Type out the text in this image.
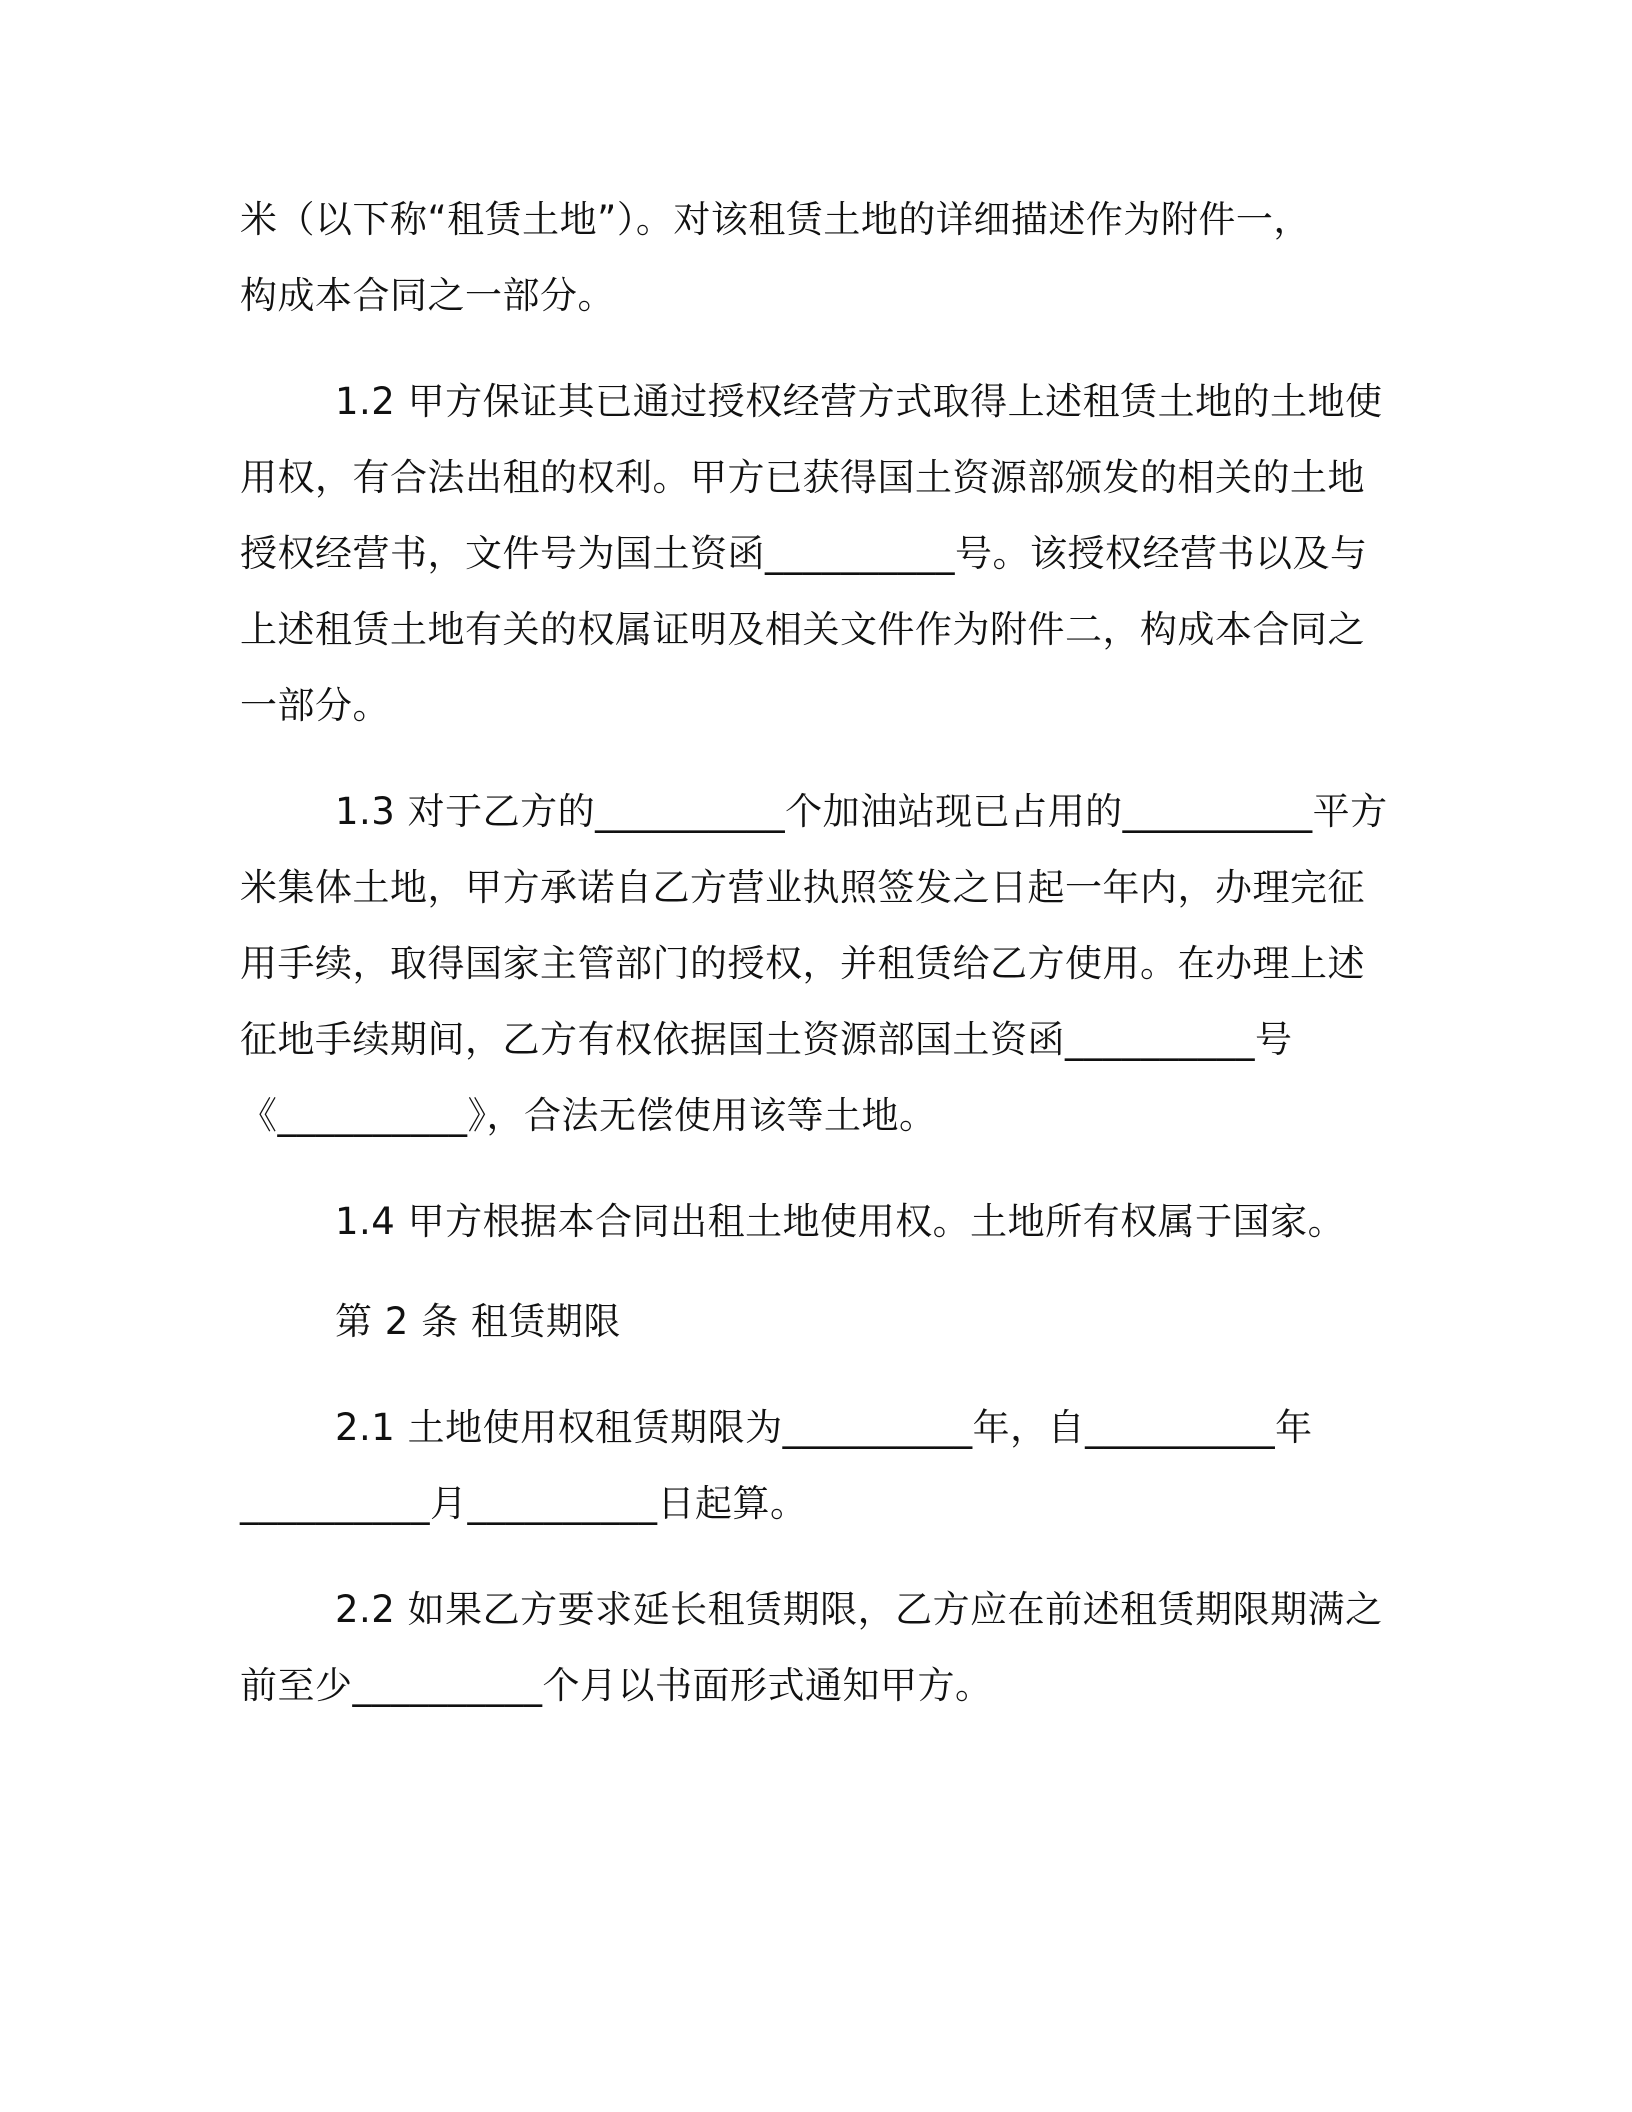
米（以下称“租赁土地”）。对该租赁土地的详细描述作为附件一，
构成本合同之一部分。
1.2 甲方保证其已通过授权经营方式取得上述租赁土地的土地使
用权，有合法出租的权利。甲方已获得国土资源部颁发的相关的土地
授权经营书，文件号为国土资函__________号。该授权经营书以及与
上述租赁土地有关的权属证明及相关文件作为附件二，构成本合同之
一部分。
1.3 对于乙方的__________个加油站现已占用的__________平方
米集体土地，甲方承诺自乙方营业执照签发之日起一年内，办理完征
用手续，取得国家主管部门的授权，并租赁给乙方使用。在办理上述
征地手续期间，乙方有权依据国土资源部国土资函__________号
《__________》，合法无偿使用该等土地。
1.4 甲方根据本合同出租土地使用权。土地所有权属于国家。
第 2 条 租赁期限
2.1 土地使用权租赁期限为__________年，自__________年
__________月__________日起算。
2.2 如果乙方要求延长租赁期限，乙方应在前述租赁期限期满之
前至少__________个月以书面形式通知甲方。
